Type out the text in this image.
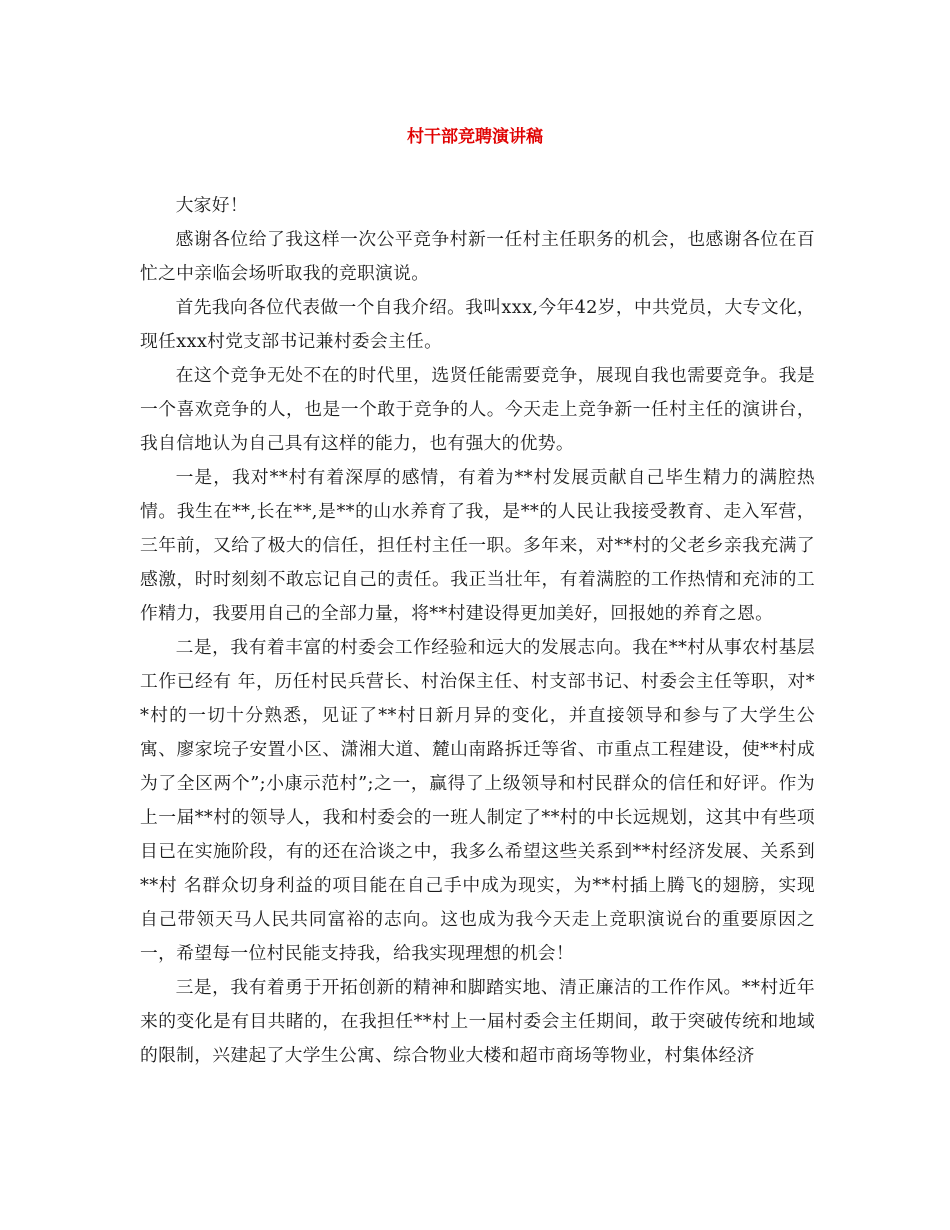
村干部竞聘演讲稿

大家好！

感谢各位给了我这样一次公平竞争村新一任村主任职务的机会，也感谢各位在百忙之中亲临会场听取我的竞职演说。

首先我向各位代表做一个自我介绍。我叫xxx,今年42岁，中共党员，大专文化，现任xxx村党支部书记兼村委会主任。

在这个竞争无处不在的时代里，选贤任能需要竞争，展现自我也需要竞争。我是一个喜欢竞争的人，也是一个敢于竞争的人。今天走上竞争新一任村主任的演讲台，我自信地认为自己具有这样的能力，也有强大的优势。

一是，我对**村有着深厚的感情，有着为**村发展贡献自己毕生精力的满腔热情。我生在**,长在**,是**的山水养育了我，是**的人民让我接受教育、走入军营，三年前，又给了极大的信任，担任村主任一职。多年来，对**村的父老乡亲我充满了感激，时时刻刻不敢忘记自己的责任。我正当壮年，有着满腔的工作热情和充沛的工作精力，我要用自己的全部力量，将**村建设得更加美好，回报她的养育之恩。

二是，我有着丰富的村委会工作经验和远大的发展志向。我在**村从事农村基层工作已经有 年，历任村民兵营长、村治保主任、村支部书记、村委会主任等职，对**村的一切十分熟悉，见证了**村日新月异的变化，并直接领导和参与了大学生公寓、廖家垸子安置小区、潇湘大道、麓山南路拆迁等省、市重点工程建设，使**村成为了全区两个”;小康示范村”;之一，赢得了上级领导和村民群众的信任和好评。作为上一届**村的领导人，我和村委会的一班人制定了**村的中长远规划，这其中有些项目已在实施阶段，有的还在洽谈之中，我多么希望这些关系到**村经济发展、关系到**村 名群众切身利益的项目能在自己手中成为现实，为**村插上腾飞的翅膀，实现自己带领天马人民共同富裕的志向。这也成为我今天走上竞职演说台的重要原因之一，希望每一位村民能支持我，给我实现理想的机会！

三是，我有着勇于开拓创新的精神和脚踏实地、清正廉洁的工作作风。**村近年来的变化是有目共睹的，在我担任**村上一届村委会主任期间，敢于突破传统和地域的限制，兴建起了大学生公寓、综合物业大楼和超市商场等物业，村集体经济
